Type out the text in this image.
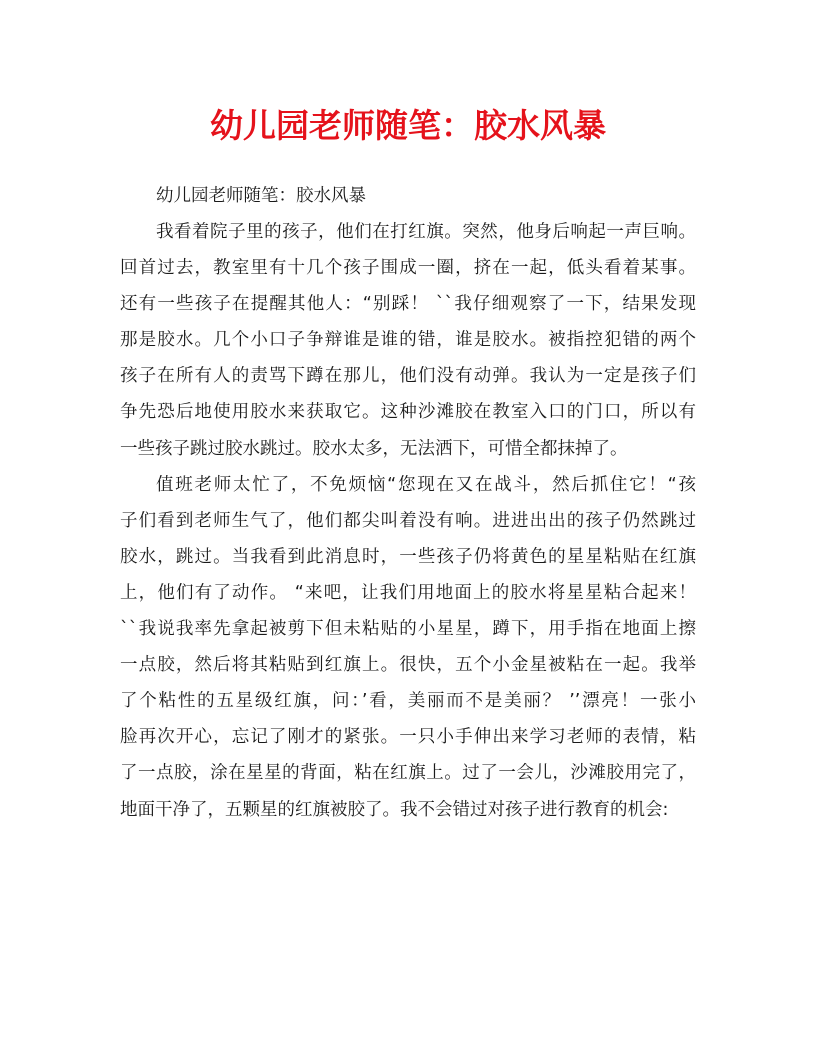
幼儿园老师随笔：胶水风暴

幼儿园老师随笔：胶水风暴

我看着院子里的孩子，他们在打红旗。突然，他身后响起一声巨响。
回首过去，教室里有十几个孩子围成一圈，挤在一起，低头看着某事。
还有一些孩子在提醒其他人：“别踩！ ``我仔细观察了一下，结果发现
那是胶水。几个小口子争辩谁是谁的错，谁是胶水。被指控犯错的两个
孩子在所有人的责骂下蹲在那儿，他们没有动弹。我认为一定是孩子们
争先恐后地使用胶水来获取它。这种沙滩胶在教室入口的门口，所以有
一些孩子跳过胶水跳过。胶水太多，无法洒下，可惜全都抹掉了。
值班老师太忙了，不免烦恼“您现在又在战斗，然后抓住它！“孩
子们看到老师生气了，他们都尖叫着没有响。进进出出的孩子仍然跳过
胶水，跳过。当我看到此消息时，一些孩子仍将黄色的星星粘贴在红旗
上，他们有了动作。 “来吧，让我们用地面上的胶水将星星粘合起来！
``我说我率先拿起被剪下但未粘贴的小星星，蹲下，用手指在地面上擦
一点胶，然后将其粘贴到红旗上。很快，五个小金星被粘在一起。我举
了个粘性的五星级红旗，问：’看，美丽而不是美丽？ ’’漂亮！一张小
脸再次开心，忘记了刚才的紧张。一只小手伸出来学习老师的表情，粘
了一点胶，涂在星星的背面，粘在红旗上。过了一会儿，沙滩胶用完了，
地面干净了，五颗星的红旗被胶了。我不会错过对孩子进行教育的机会:
